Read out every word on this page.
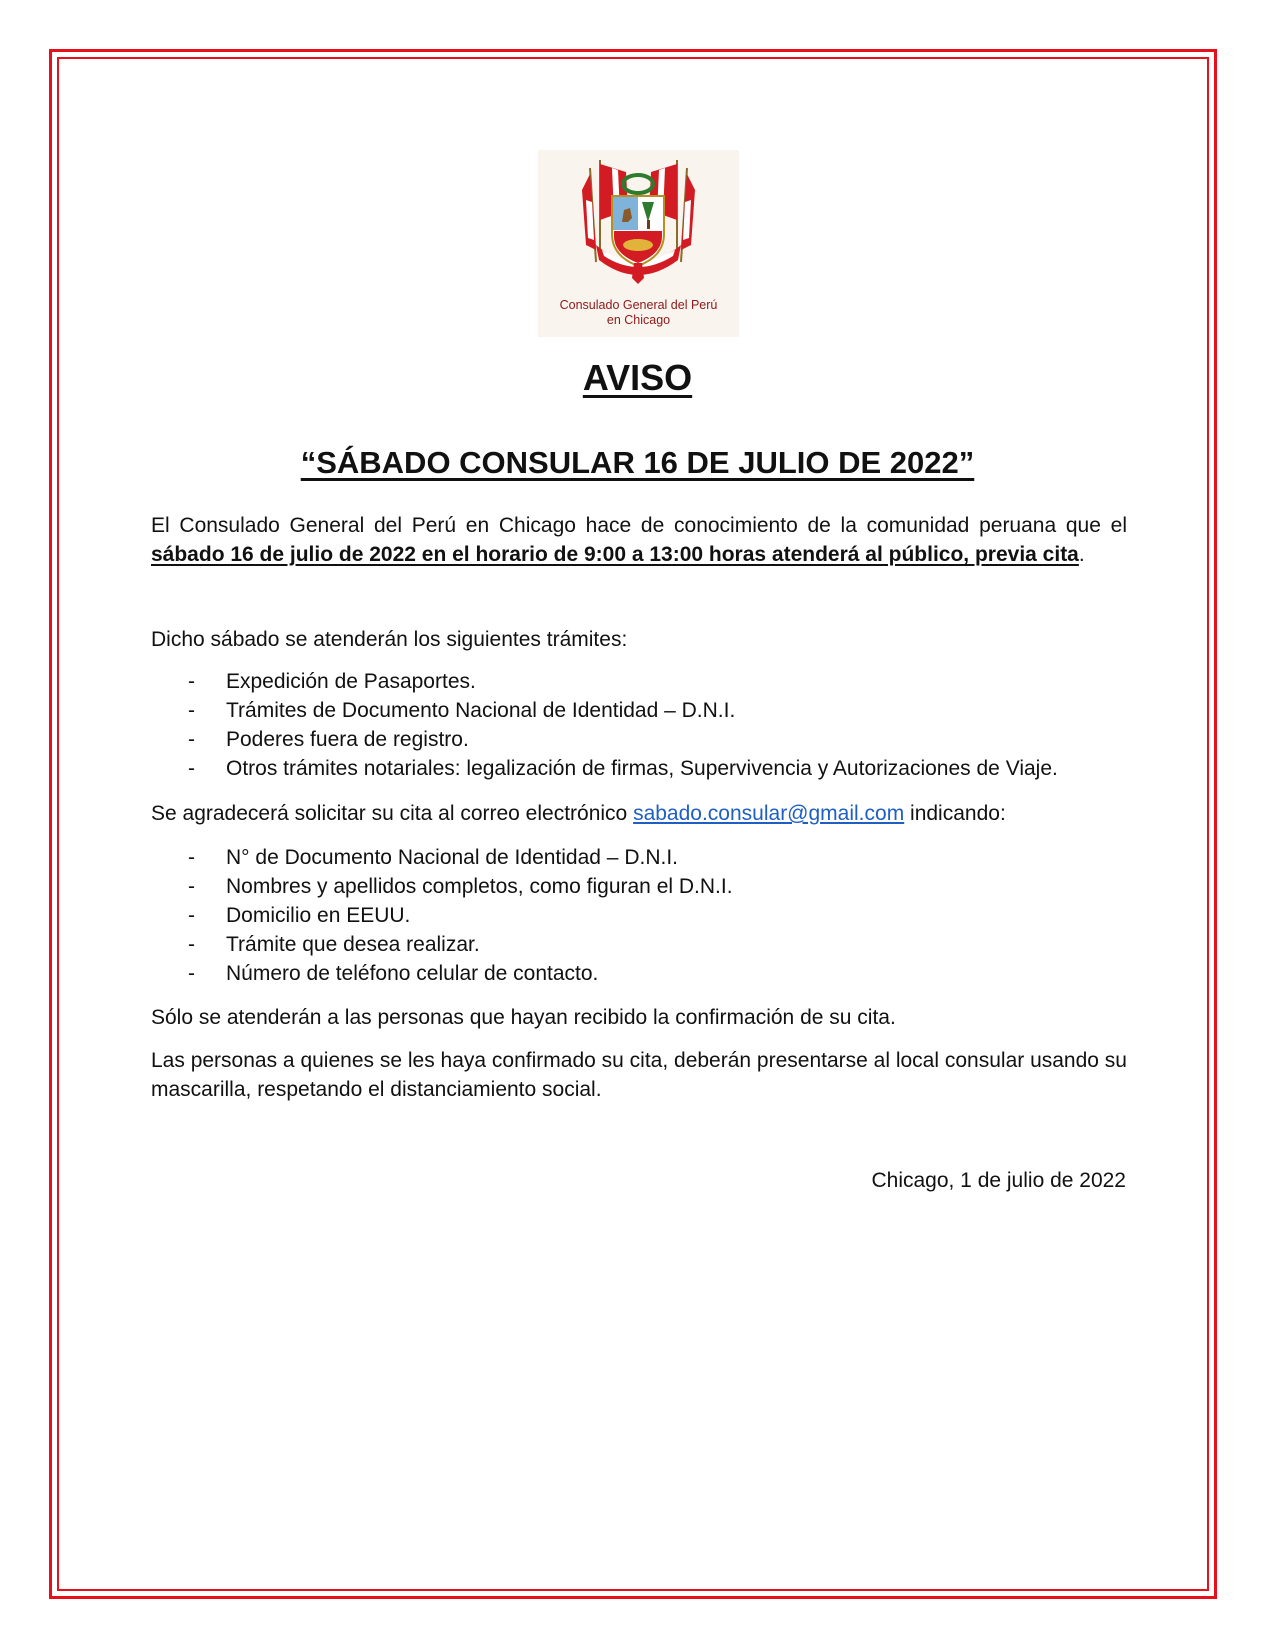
Consulado General del Perú
en Chicago
AVISO
“SÁBADO CONSULAR 16 DE JULIO DE 2022”
El Consulado General del Perú en Chicago hace de conocimiento de la comunidad peruana que el sábado 16 de julio de 2022 en el horario de 9:00 a 13:00 horas atenderá al público, previa cita.
Dicho sábado se atenderán los siguientes trámites:
- Expedición de Pasaportes.
- Trámites de Documento Nacional de Identidad – D.N.I.
- Poderes fuera de registro.
- Otros trámites notariales: legalización de firmas, Supervivencia y Autorizaciones de Viaje.
Se agradecerá solicitar su cita al correo electrónico sabado.consular@gmail.com indicando:
- N° de Documento Nacional de Identidad – D.N.I.
- Nombres y apellidos completos, como figuran el D.N.I.
- Domicilio en EEUU.
- Trámite que desea realizar.
- Número de teléfono celular de contacto.
Sólo se atenderán a las personas que hayan recibido la confirmación de su cita.
Las personas a quienes se les haya confirmado su cita, deberán presentarse al local consular usando su mascarilla, respetando el distanciamiento social.
Chicago, 1 de julio de 2022
